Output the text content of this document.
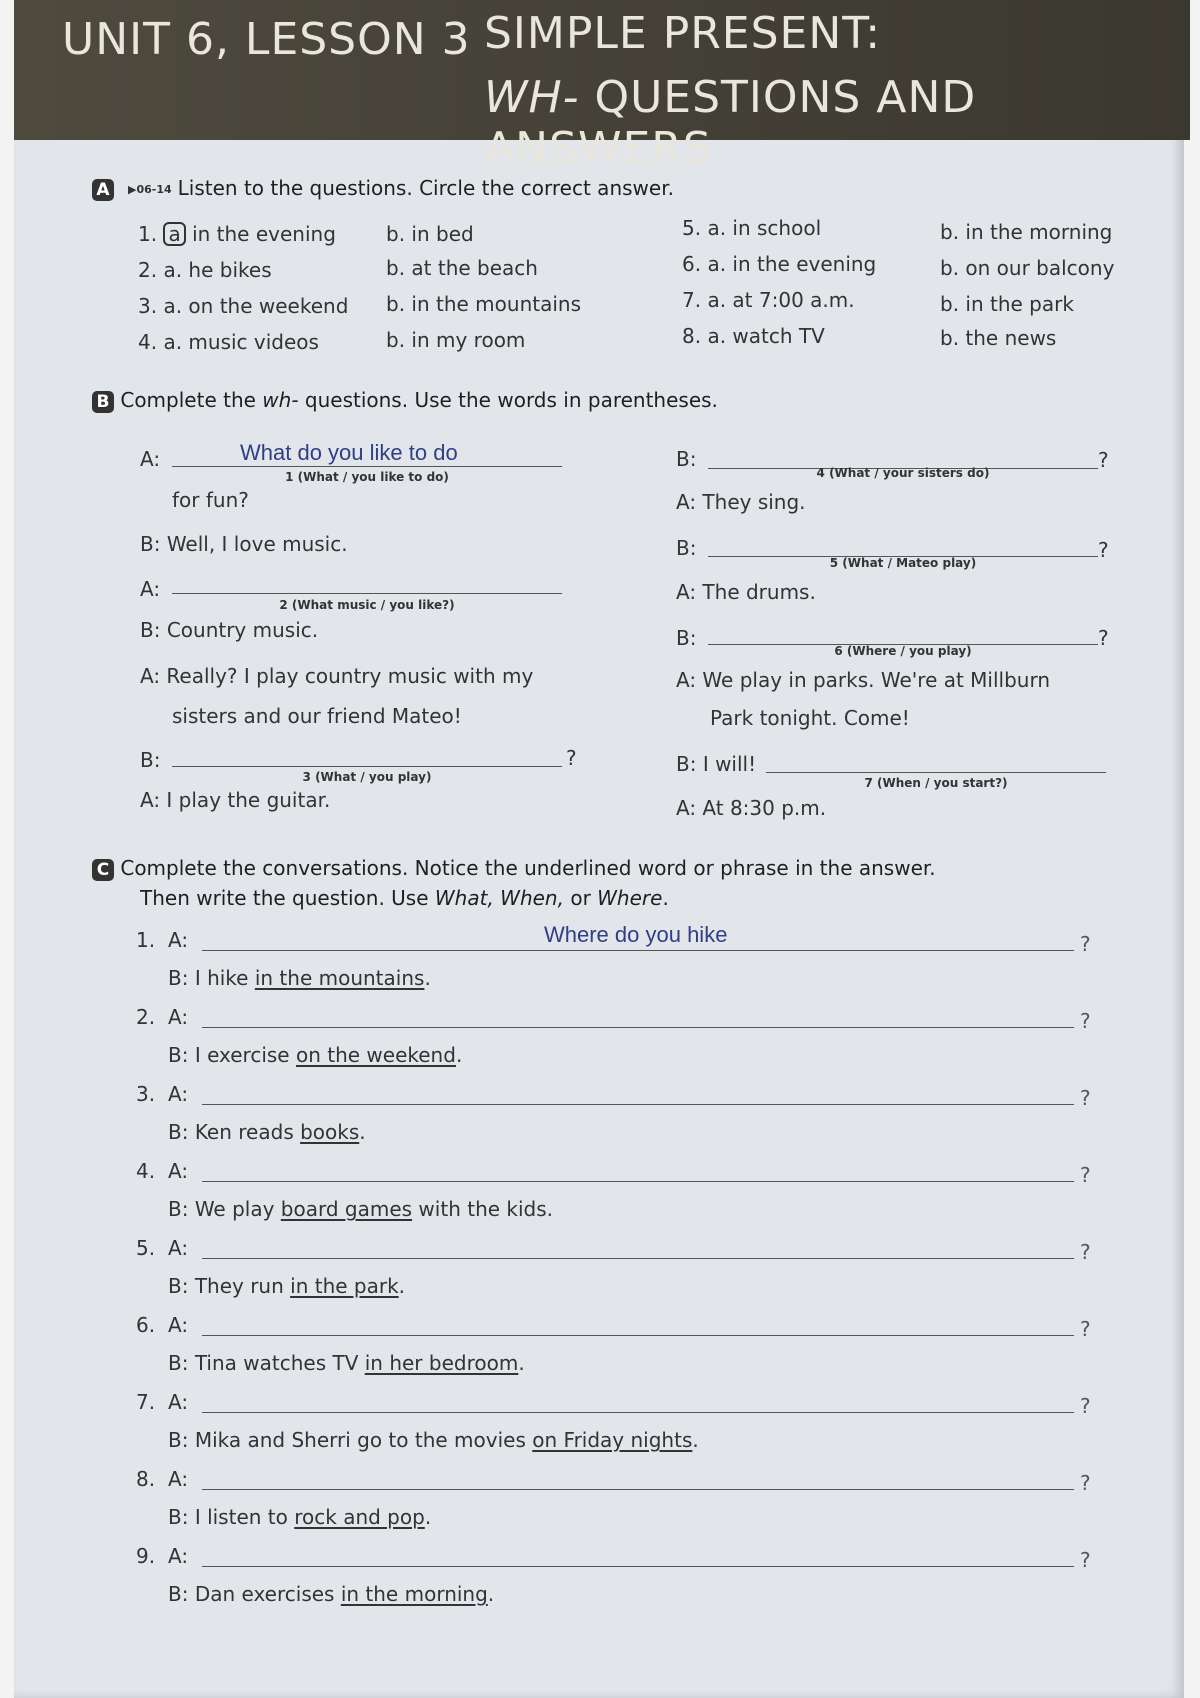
UNIT 6, LESSON 3 SIMPLE PRESENT:
WH- QUESTIONS AND ANSWERS
A ▶06-14 Listen to the questions. Circle the correct answer.
1. a in the evening	b. in bed
2. a. he bikes	b. at the beach
3. a. on the weekend b. in the mountains
4. a. music videos	b. in my room
5. a. in school	b. in the morning
6. a. in the evening	b. on our balcony
7. a. at 7:00 a.m.	b. in the park
8. a. watch TV	b. the news
B Complete the wh- questions. Use the words in parentheses.
A:	What do you like to do
1 (What / you like to do)
for fun?
B: Well, I love music.
A:
2 (What music / you like?)
B: Country music.
A: Really? I play country music with my
sisters and our friend Mateo!
B:	?
3 (What / you play)
A: I play the guitar.
B:	?
4 (What / your sisters do)
A: They sing.
B:	?
5 (What / Mateo play)
A: The drums.
B:	?
6 (Where / you play)
A: We play in parks. We're at Millburn
Park tonight. Come!
B: I will!
7 (When / you start?)
A: At 8:30 p.m.
C Complete the conversations. Notice the underlined word or phrase in the answer.
Then write the question. Use What, When, or Where.
1. A:	Where do you hike	?
B: I hike in the mountains.
2. A:	?
B: I exercise on the weekend.
3. A:	?
B: Ken reads books.
4. A:	?
B: We play board games with the kids.
5. A:	?
B: They run in the park.
6. A:	?
B: Tina watches TV in her bedroom.
7. A:	?
B: Mika and Sherri go to the movies on Friday nights.
8. A:	?
B: I listen to rock and pop.
9. A:	?
B: Dan exercises in the morning.
